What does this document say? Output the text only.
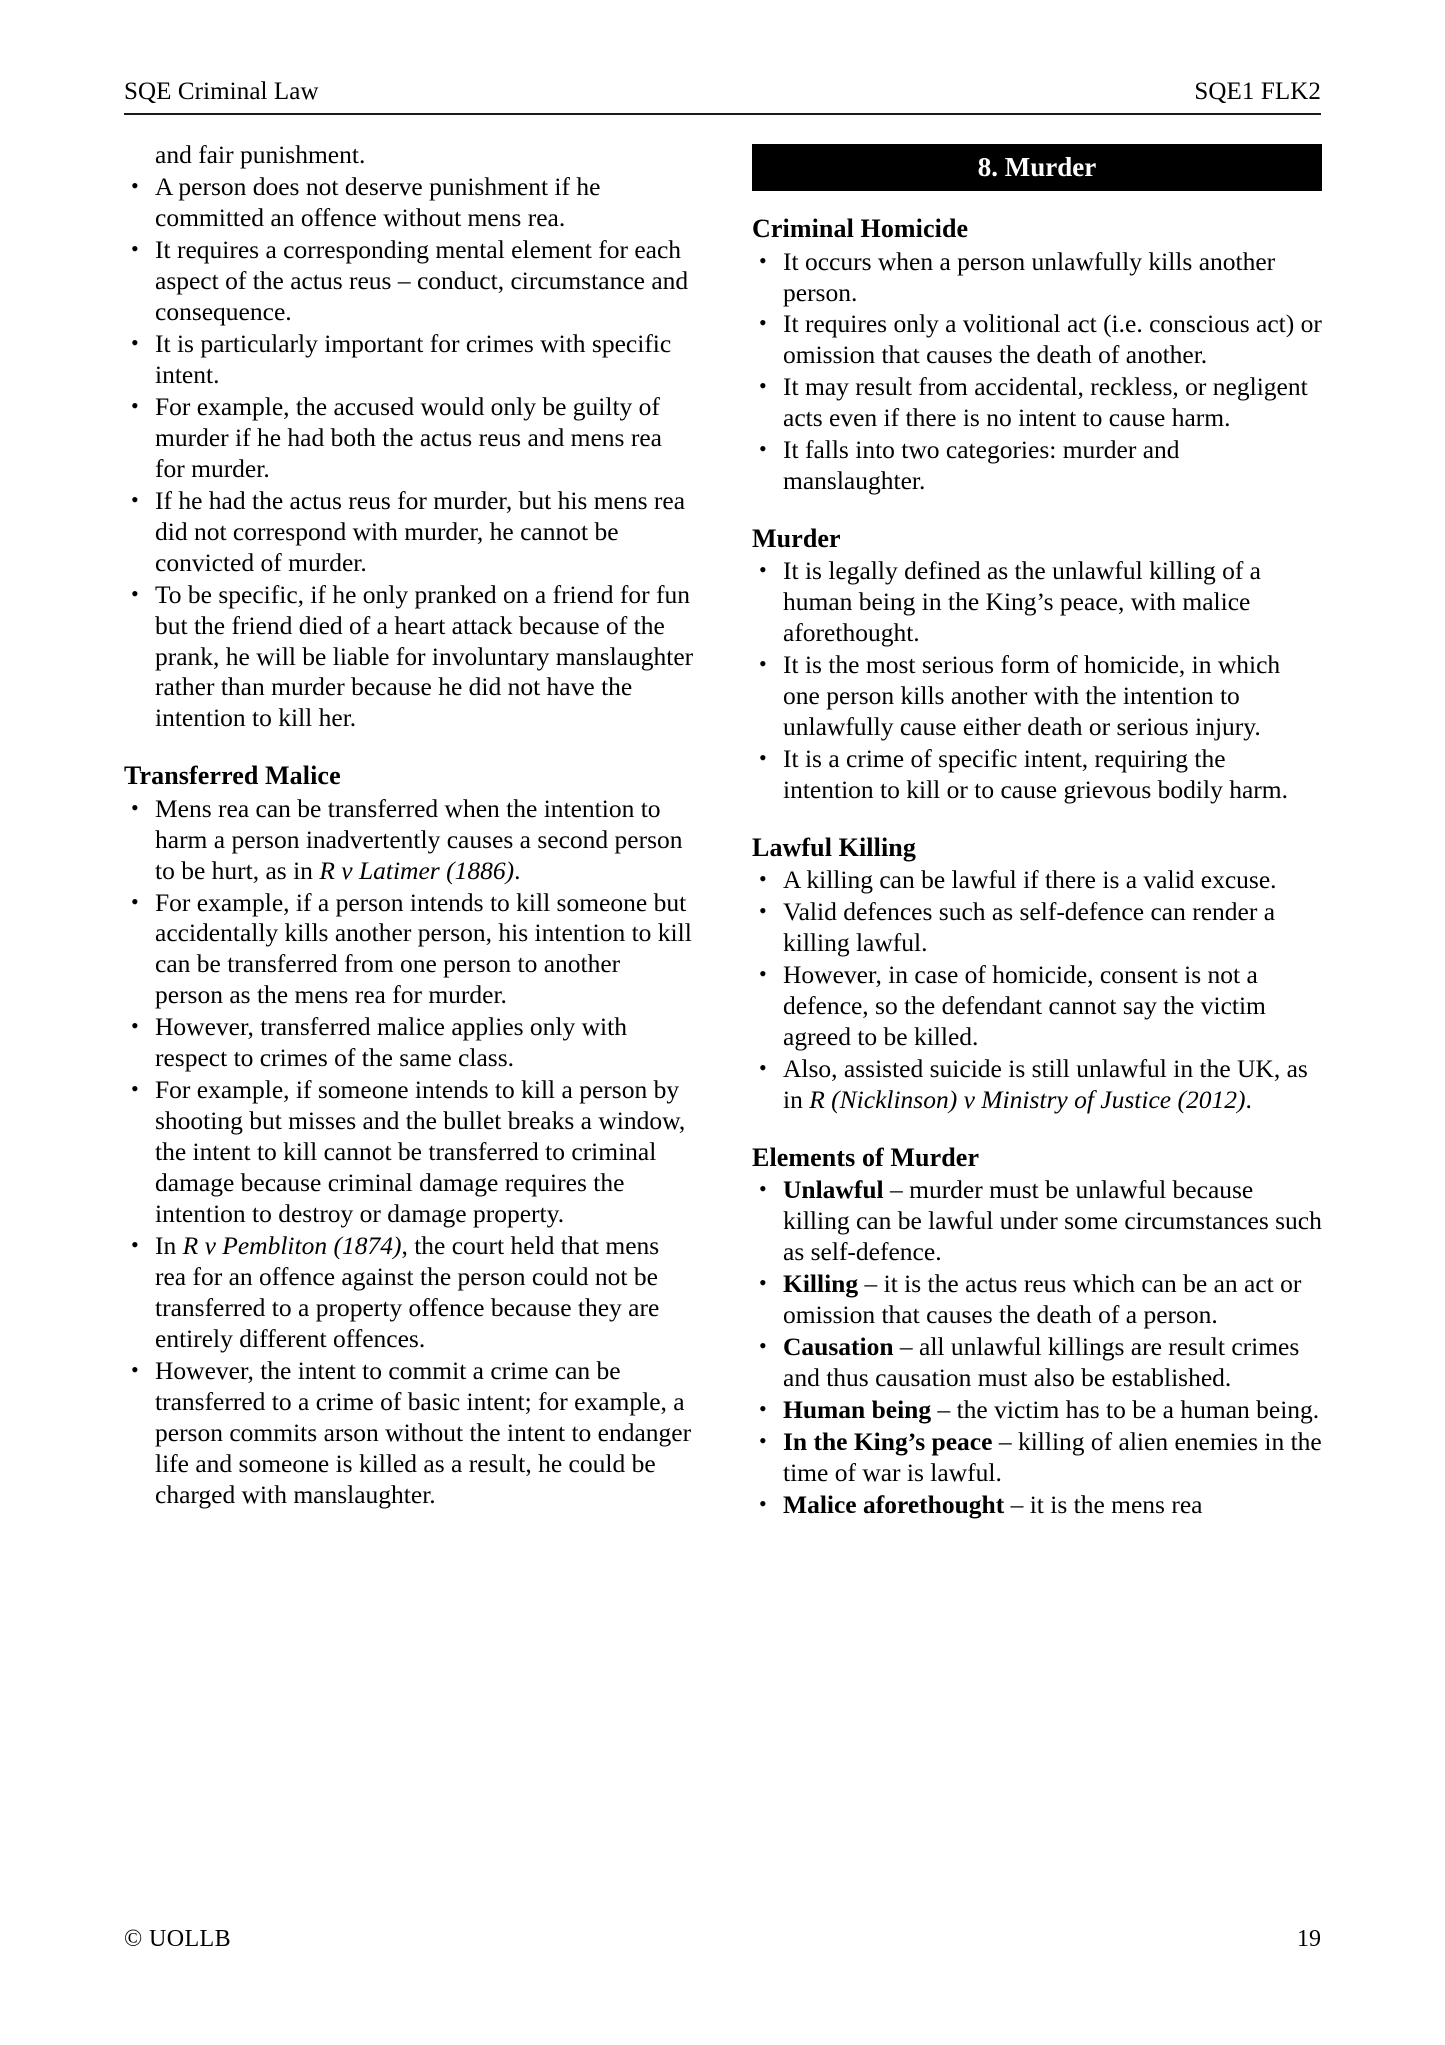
SQE Criminal Law	SQE1 FLK2

and fair punishment.

• A person does not deserve punishment if he committed an offence without mens rea.
• It requires a corresponding mental element for each aspect of the actus reus – conduct, circumstance and consequence.
• It is particularly important for crimes with specific intent.
• For example, the accused would only be guilty of murder if he had both the actus reus and mens rea for murder.
• If he had the actus reus for murder, but his mens rea did not correspond with murder, he cannot be convicted of murder.
• To be specific, if he only pranked on a friend for fun but the friend died of a heart attack because of the prank, he will be liable for involuntary manslaughter rather than murder because he did not have the intention to kill her.
Transferred Malice
• Mens rea can be transferred when the intention to harm a person inadvertently causes a second person to be hurt, as in R v Latimer (1886).
• For example, if a person intends to kill someone but accidentally kills another person, his intention to kill can be transferred from one person to another person as the mens rea for murder.
• However, transferred malice applies only with respect to crimes of the same class.
• For example, if someone intends to kill a person by shooting but misses and the bullet breaks a window, the intent to kill cannot be transferred to criminal damage because criminal damage requires the intention to destroy or damage property.
• In R v Pembliton (1874), the court held that mens rea for an offence against the person could not be transferred to a property offence because they are entirely different offences.
• However, the intent to commit a crime can be transferred to a crime of basic intent; for example, a person commits arson without the intent to endanger life and someone is killed as a result, he could be charged with manslaughter.
8. Murder
Criminal Homicide
• It occurs when a person unlawfully kills another person.
• It requires only a volitional act (i.e. conscious act) or omission that causes the death of another.
• It may result from accidental, reckless, or negligent acts even if there is no intent to cause harm.
• It falls into two categories: murder and manslaughter.
Murder
• It is legally defined as the unlawful killing of a human being in the King’s peace, with malice aforethought.
• It is the most serious form of homicide, in which one person kills another with the intention to unlawfully cause either death or serious injury.
• It is a crime of specific intent, requiring the intention to kill or to cause grievous bodily harm.
Lawful Killing
• A killing can be lawful if there is a valid excuse.
• Valid defences such as self-defence can render a killing lawful.
• However, in case of homicide, consent is not a defence, so the defendant cannot say the victim agreed to be killed.
• Also, assisted suicide is still unlawful in the UK, as in R (Nicklinson) v Ministry of Justice (2012).
Elements of Murder
• Unlawful – murder must be unlawful because killing can be lawful under some circumstances such as self-defence.
• Killing – it is the actus reus which can be an act or omission that causes the death of a person.
• Causation – all unlawful killings are result crimes and thus causation must also be established.
• Human being – the victim has to be a human being.
• In the King’s peace – killing of alien enemies in the time of war is lawful.
• Malice aforethought – it is the mens rea
© UOLLB	19
